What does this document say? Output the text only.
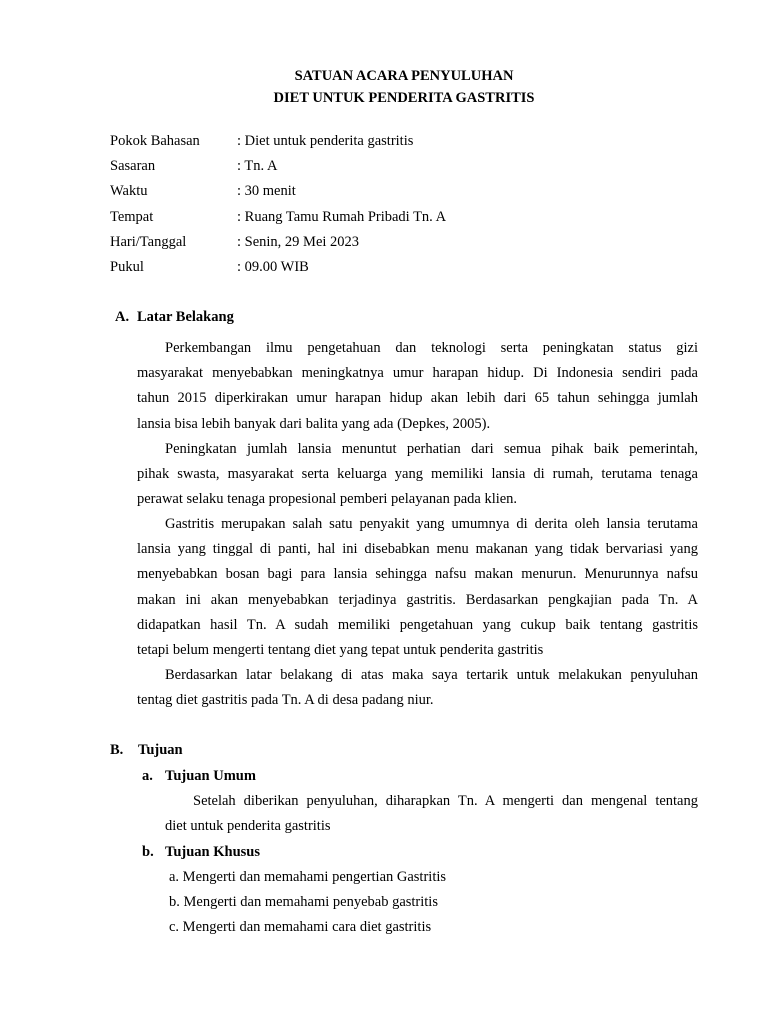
SATUAN ACARA PENYULUHAN
DIET UNTUK PENDERITA GASTRITIS
Pokok Bahasan	: Diet untuk penderita gastritis
Sasaran	: Tn. A
Waktu	: 30 menit
Tempat	: Ruang Tamu Rumah Pribadi Tn. A
Hari/Tanggal	: Senin, 29 Mei 2023
Pukul	: 09.00 WIB
A. Latar Belakang
Perkembangan ilmu pengetahuan dan teknologi serta peningkatan status gizi
masyarakat menyebabkan meningkatnya umur harapan hidup. Di Indonesia sendiri pada
tahun 2015 diperkirakan umur harapan hidup akan lebih dari 65 tahun sehingga jumlah
lansia bisa lebih banyak dari balita yang ada (Depkes, 2005).
Peningkatan jumlah lansia menuntut perhatian dari semua pihak baik pemerintah,
pihak swasta, masyarakat serta keluarga yang memiliki lansia di rumah, terutama tenaga
perawat selaku tenaga propesional pemberi pelayanan pada klien.
Gastritis merupakan salah satu penyakit yang umumnya di derita oleh lansia terutama
lansia yang tinggal di panti, hal ini disebabkan menu makanan yang tidak bervariasi yang
menyebabkan bosan bagi para lansia sehingga nafsu makan menurun. Menurunnya nafsu
makan ini akan menyebabkan terjadinya gastritis. Berdasarkan pengkajian pada Tn. A
didapatkan hasil Tn. A sudah memiliki pengetahuan yang cukup baik tentang gastritis
tetapi belum mengerti tentang diet yang tepat untuk penderita gastritis
Berdasarkan latar belakang di atas maka saya tertarik untuk melakukan penyuluhan
tentag diet gastritis pada Tn. A di desa padang niur.
B. Tujuan
a. Tujuan Umum
Setelah diberikan penyuluhan, diharapkan Tn. A mengerti dan mengenal tentang
diet untuk penderita gastritis
b. Tujuan Khusus
a. Mengerti dan memahami pengertian Gastritis
b. Mengerti dan memahami penyebab gastritis
c. Mengerti dan memahami cara diet gastritis
